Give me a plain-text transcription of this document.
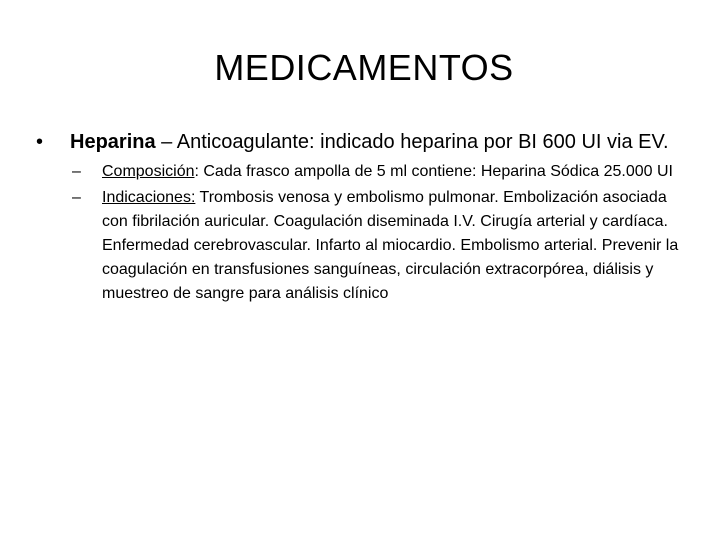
MEDICAMENTOS
• Heparina – Anticoagulante: indicado heparina por BI 600 UI via EV.
– Composición: Cada frasco ampolla de 5 ml contiene: Heparina Sódica 25.000 UI
– Indicaciones: Trombosis venosa y embolismo pulmonar. Embolización asociada con fibrilación auricular. Coagulación diseminada I.V. Cirugía arterial y cardíaca. Enfermedad cerebrovascular. Infarto al miocardio. Embolismo arterial. Prevenir la coagulación en transfusiones sanguíneas, circulación extracorpórea, diálisis y muestreo de sangre para análisis clínico
